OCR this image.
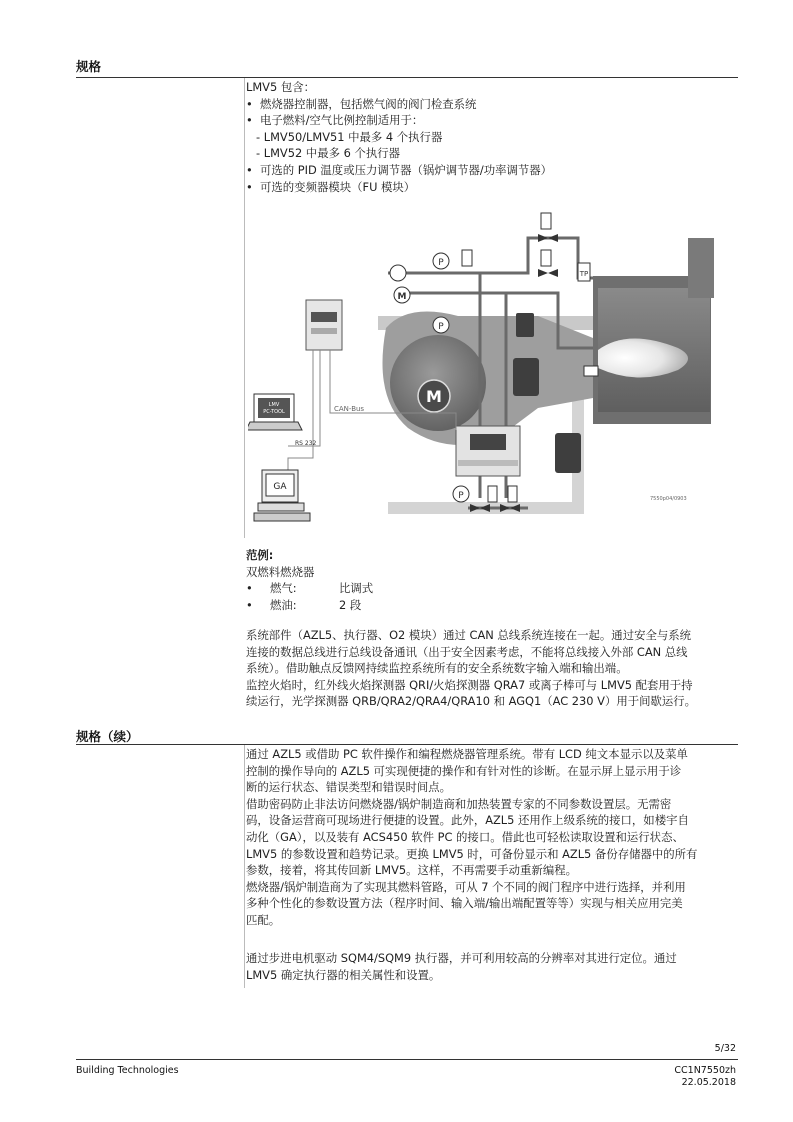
规格

LMV5 包含：

• 燃烧器控制器，包括燃气阀的阀门检查系统

• 电子燃料/空气比例控制适用于：

- LMV50/LMV51 中最多 4 个执行器

- LMV52 中最多 6 个执行器

• 可选的 PID 温度或压力调节器（锅炉调节器/功率调节器）

• 可选的变频器模块（FU 模块）

M
P
P
P
M
TP
CAN-Bus
LMV
PC-TOOL
RS 232
GA
7550p04/0903

范例:

双燃料燃烧器

• 燃气:	比调式
• 燃油:	2 段

系统部件（AZL5、执行器、O2 模块）通过 CAN 总线系统连接在一起。通过安全与系统

连接的数据总线进行总线设备通讯（出于安全因素考虑，不能将总线接入外部 CAN 总线

系统）。借助触点反馈网持续监控系统所有的安全系统数字输入端和输出端。

监控火焰时，红外线火焰探测器 QRI/火焰探测器 QRA7 或离子棒可与 LMV5 配套用于持

续运行，光学探测器 QRB/QRA2/QRA4/QRA10 和 AGQ1（AC 230 V）用于间歇运行。

规格（续）

通过 AZL5 或借助 PC 软件操作和编程燃烧器管理系统。带有 LCD 纯文本显示以及菜单

控制的操作导向的 AZL5 可实现便捷的操作和有针对性的诊断。在显示屏上显示用于诊

断的运行状态、错误类型和错误时间点。

借助密码防止非法访问燃烧器/锅炉制造商和加热装置专家的不同参数设置层。无需密

码，设备运营商可现场进行便捷的设置。此外，AZL5 还用作上级系统的接口，如楼宇自

动化（GA），以及装有 ACS450 软件 PC 的接口。借此也可轻松读取设置和运行状态、

LMV5 的参数设置和趋势记录。更换 LMV5 时，可备份显示和 AZL5 备份存储器中的所有

参数，接着，将其传回新 LMV5。这样，不再需要手动重新编程。

燃烧器/锅炉制造商为了实现其燃料管路，可从 7 个不同的阀门程序中进行选择，并利用

多种个性化的参数设置方法（程序时间、输入端/输出端配置等等）实现与相关应用完美

匹配。

通过步进电机驱动 SQM4/SQM9 执行器，并可利用较高的分辨率对其进行定位。通过

LMV5 确定执行器的相关属性和设置。

5/32
Building Technologies	CC1N7550zh
22.05.2018
